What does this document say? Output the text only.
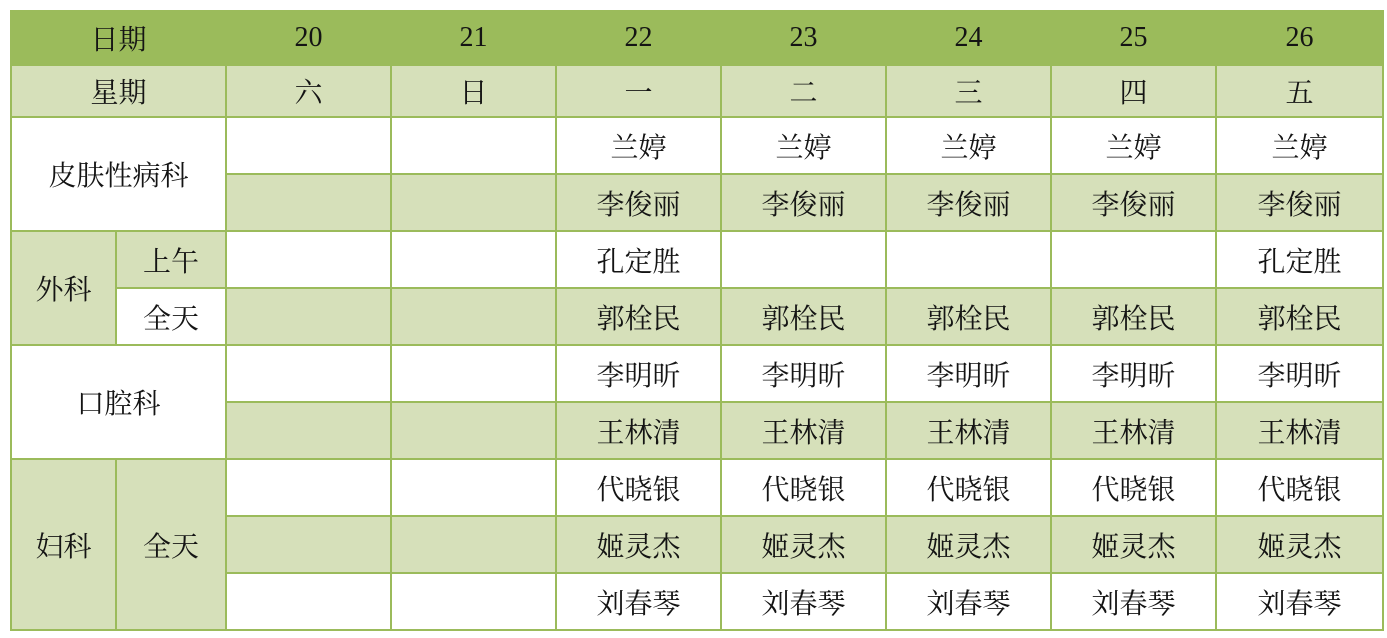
日期		20	21	22	23	24	25	26
星期		六	日	一	二	三	四	五
皮肤性病科				兰婷	兰婷	兰婷	兰婷	兰婷
				李俊丽	李俊丽	李俊丽	李俊丽	李俊丽
外科	上午			孔定胜				孔定胜
	全天			郭栓民	郭栓民	郭栓民	郭栓民	郭栓民
口腔科				李明昕	李明昕	李明昕	李明昕	李明昕
				王林清	王林清	王林清	王林清	王林清
妇科	全天			代晓银	代晓银	代晓银	代晓银	代晓银
				姬灵杰	姬灵杰	姬灵杰	姬灵杰	姬灵杰
				刘春琴	刘春琴	刘春琴	刘春琴	刘春琴
